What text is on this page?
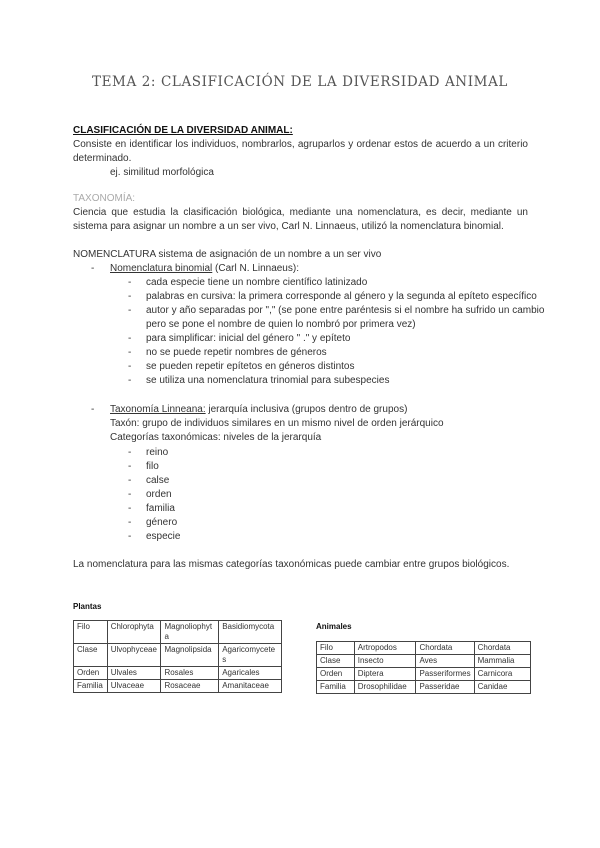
TEMA 2: CLASIFICACIÓN DE LA DIVERSIDAD ANIMAL
CLASIFICACIÓN DE LA DIVERSIDAD ANIMAL:
Consiste en identificar los individuos, nombrarlos, agruparlos y ordenar estos de acuerdo a un criterio determinado.
ej. similitud morfológica
TAXONOMÍA:
Ciencia que estudia la clasificación biológica, mediante una nomenclatura, es decir, mediante un sistema para asignar un nombre a un ser vivo, Carl N. Linnaeus, utilizó la nomenclatura binomial.
NOMENCLATURA sistema de asignación de un nombre a un ser vivo
- Nomenclatura binomial (Carl N. Linnaeus):
- cada especie tiene un nombre científico latinizado
- palabras en cursiva: la primera corresponde al género y la segunda al epíteto específico
- autor y año separadas por "," (se pone entre paréntesis si el nombre ha sufrido un cambio
pero se pone el nombre de quien lo nombró por primera vez)
- para simplificar: inicial del género " ." y epíteto
- no se puede repetir nombres de géneros
- se pueden repetir epítetos en géneros distintos
- se utiliza una nomenclatura trinomial para subespecies
- Taxonomía Linneana: jerarquía inclusiva (grupos dentro de grupos)
Taxón: grupo de individuos similares en un mismo nivel de orden jerárquico
Categorías taxonómicas: niveles de la jerarquía
- reino
- filo
- calse
- orden
- familia
- género
- especie
La nomenclatura para las mismas categorías taxonómicas puede cambiar entre grupos biológicos.
Plantas
Filo	Chlorophyta	Magnoliophyta	Basidiomycota
Clase	Ulvophyceae	Magnolipsida	Agaricomycetes
Orden	Ulvales	Rosales	Agaricales
Familia	Ulvaceae	Rosaceae	Amanitaceae
Animales
Filo	Artropodos	Chordata	Chordata
Clase	Insecto	Aves	Mammalia
Orden	Diptera	Passeriformes	Carnicora
Familia	Drosophilidae	Passeridae	Canidae
